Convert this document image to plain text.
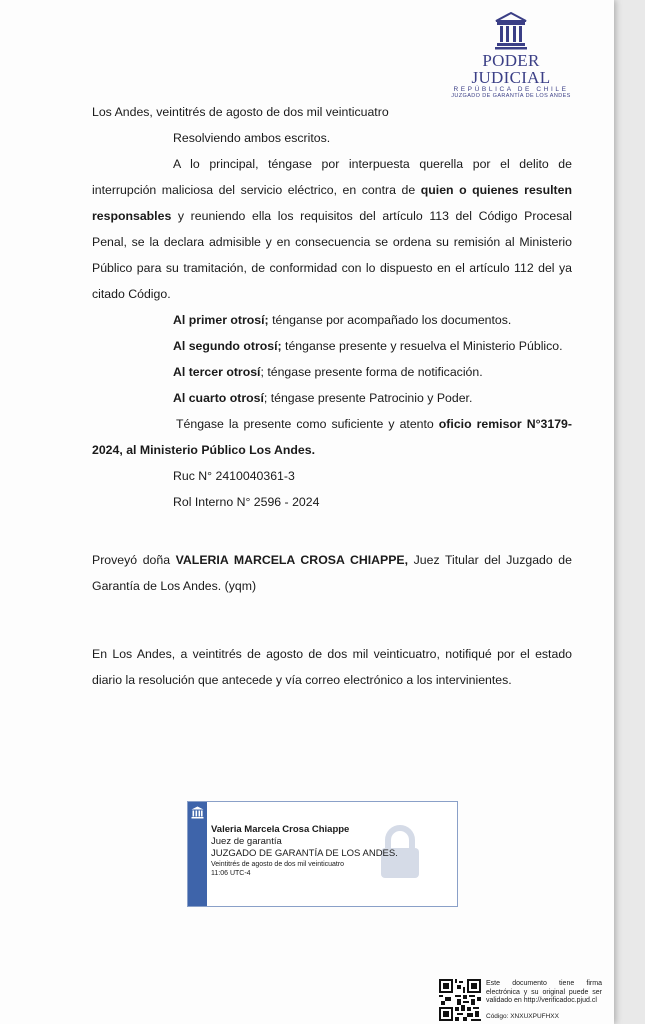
PODER JUDICIAL
REPÚBLICA DE CHILE
JUZGADO DE GARANTÍA DE LOS ANDES

Los Andes, veintitrés de agosto de dos mil veinticuatro

Resolviendo ambos escritos.

A lo principal, téngase por interpuesta querella por el delito de interrupción maliciosa del servicio eléctrico, en contra de quien o quienes resulten responsables y reuniendo ella los requisitos del artículo 113 del Código Procesal Penal, se la declara admisible y en consecuencia se ordena su remisión al Ministerio Público para su tramitación, de conformidad con lo dispuesto en el artículo 112 del ya citado Código.

Al primer otrosí; ténganse por acompañado los documentos.

Al segundo otrosí; ténganse presente y resuelva el Ministerio Público.

Al tercer otrosí; téngase presente forma de notificación.

Al cuarto otrosí; téngase presente Patrocinio y Poder.

Téngase la presente como suficiente y atento oficio remisor N°3179-2024, al Ministerio Público Los Andes.

Ruc N° 2410040361-3

Rol Interno N° 2596 - 2024

Proveyó doña VALERIA MARCELA CROSA CHIAPPE, Juez Titular del Juzgado de Garantía de Los Andes. (yqm)

En Los Andes, a veintitrés de agosto de dos mil veinticuatro, notifiqué por el estado diario la resolución que antecede y vía correo electrónico a los intervinientes.

Valeria Marcela Crosa Chiappe
Juez de garantía
JUZGADO DE GARANTÍA DE LOS ANDES.
Veintitrés de agosto de dos mil veinticuatro
11:06 UTC-4
Este documento tiene firma electrónica y su original puede ser validado en http://verificadoc.pjud.cl
Código: XNXUXPUFHXX
